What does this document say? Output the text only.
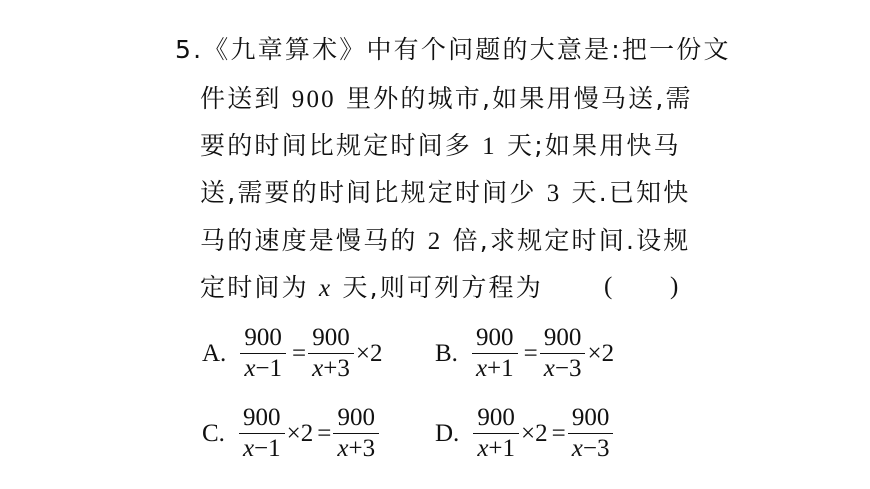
5.《九章算术》中有个问题的大意是:把一份文
件送到 900 里外的城市,如果用慢马送,需
要的时间比规定时间多 1 天;如果用快马
送,需要的时间比规定时间少 3 天.已知快
马的速度是慢马的 2 倍,求规定时间.设规
定时间为 x 天,则可列方程为 ( )
A. $\frac{900}{x-1} = \frac{900}{x+3} \times 2$ B. $\frac{900}{x+1} = \frac{900}{x-3} \times 2$
C. $\frac{900}{x-1} \times 2 = \frac{900}{x+3} D$. $\frac{900}{x+1} \times 2 = \frac{900}{x-3}$
